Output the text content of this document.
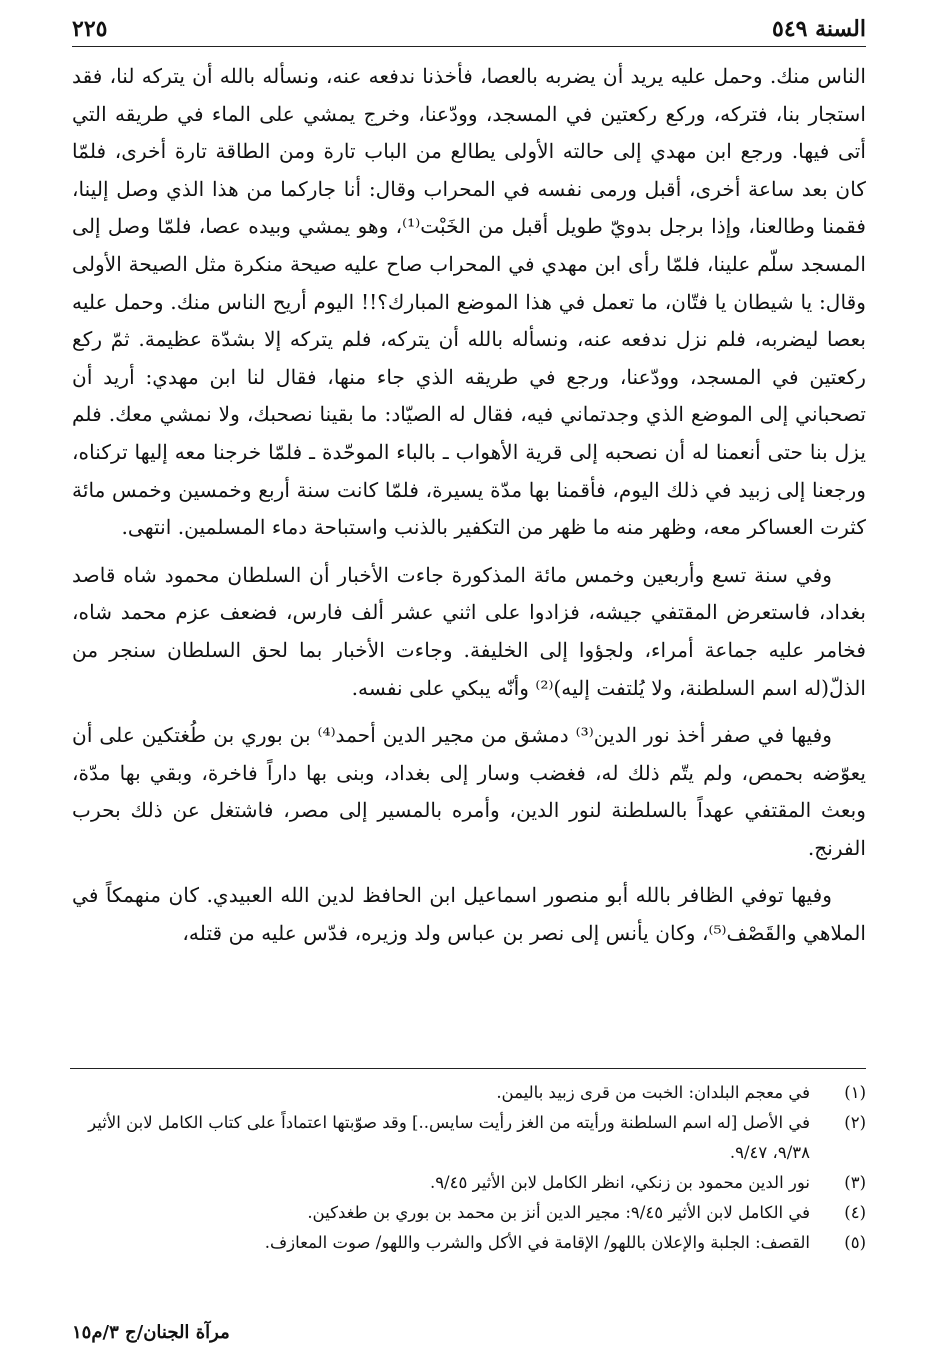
٢٢٥	السنة ٥٤٩

الناس منك. وحمل عليه يريد أن يضربه بالعصا، فأخذنا ندفعه عنه، ونسأله بالله أن يتركه لنا، فقد استجار بنا، فتركه، وركع ركعتين في المسجد، وودّعنا، وخرج يمشي على الماء في طريقه التي أتى فيها. ورجع ابن مهدي إلى حالته الأولى يطالع من الباب تارة ومن الطاقة تارة أخرى، فلمّا كان بعد ساعة أخرى، أقبل ورمى نفسه في المحراب وقال: أنا جاركما من هذا الذي وصل إلينا، فقمنا وطالعنا، وإذا برجل بدويّ طويل أقبل من الخَبْت⁽¹⁾، وهو يمشي وبيده عصا، فلمّا وصل إلى المسجد سلّم علينا، فلمّا رأى ابن مهدي في المحراب صاح عليه صيحة منكرة مثل الصيحة الأولى وقال: يا شيطان يا فتّان، ما تعمل في هذا الموضع المبارك؟!! اليوم أريح الناس منك. وحمل عليه بعصا ليضربه، فلم نزل ندفعه عنه، ونسأله بالله أن يتركه، فلم يتركه إلا بشدّة عظيمة. ثمّ ركع ركعتين في المسجد، وودّعنا، ورجع في طريقه الذي جاء منها، فقال لنا ابن مهدي: أريد أن تصحباني إلى الموضع الذي وجدتماني فيه، فقال له الصيّاد: ما بقينا نصحبك، ولا نمشي معك. فلم يزل بنا حتى أنعمنا له أن نصحبه إلى قرية الأهواب ـ بالباء الموحّدة ـ فلمّا خرجنا معه إليها تركناه، ورجعنا إلى زبيد في ذلك اليوم، فأقمنا بها مدّة يسيرة، فلمّا كانت سنة أربع وخمسين وخمس مائة كثرت العساكر معه، وظهر منه ما ظهر من التكفير بالذنب واستباحة دماء المسلمين. انتهى.

وفي سنة تسع وأربعين وخمس مائة المذكورة جاءت الأخبار أن السلطان محمود شاه قاصد بغداد، فاستعرض المقتفي جيشه، فزادوا على اثني عشر ألف فارس، فضعف عزم محمد شاه، فخامر عليه جماعة أمراء، ولجؤوا إلى الخليفة. وجاءت الأخبار بما لحق السلطان سنجر من الذلّ(له اسم السلطنة، ولا يُلتفت إليه)⁽²⁾ وأنّه يبكي على نفسه.

وفيها في صفر أخذ نور الدين⁽³⁾ دمشق من مجير الدين أحمد⁽⁴⁾ بن بوري بن طُغتكين على أن يعوّضه بحمص، ولم يتّم ذلك له، فغضب وسار إلى بغداد، وبنى بها داراً فاخرة، وبقي بها مدّة، وبعث المقتفي عهداً بالسلطنة لنور الدين، وأمره بالمسير إلى مصر، فاشتغل عن ذلك بحرب الفرنج.

وفيها توفي الظافر بالله أبو منصور اسماعيل ابن الحافظ لدين الله العبيدي. كان منهمكاً في الملاهي والقَصْف⁽⁵⁾، وكان يأنس إلى نصر بن عباس ولد وزيره، فدّس عليه من قتله،

(١)
في معجم البلدان: الخبت من قرى زبيد باليمن.
(٢)
في الأصل [له اسم السلطنة ورأيته من الغز رأيت سايس..] وقد صوّبتها اعتماداً على كتاب الكامل لابن الأثير ٩/٣٨، ٩/٤٧.
(٣)
نور الدين محمود بن زنكي، انظر الكامل لابن الأثير ٩/٤٥.
(٤)
في الكامل لابن الأثير ٩/٤٥: مجير الدين أنز بن محمد بن بوري بن طغدكين.
(٥)
القصف: الجلبة والإعلان باللهو/ الإقامة في الأكل والشرب واللهو/ صوت المعازف.
مرآة الجنان/ج ٣/م١٥
